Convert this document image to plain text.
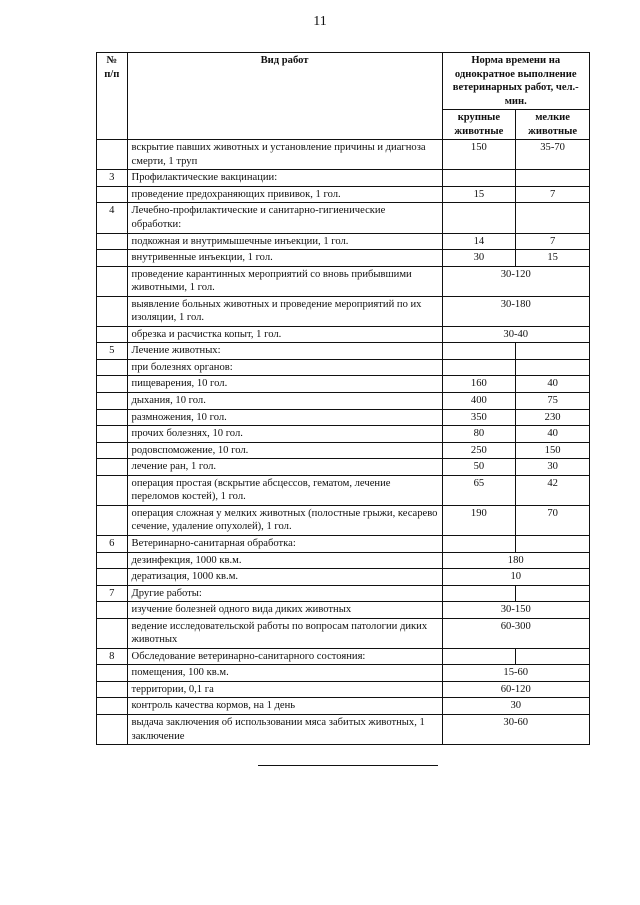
11
№ п/п	Вид работ	Норма времени на однократное выполнение ветеринарных работ, чел.-мин.	
		крупные животные	мелкие животные
	вскрытие павших животных и установление причины и диагноза смерти, 1 труп	150	35-70
3	Профилактические вакцинации:		
	проведение предохраняющих прививок, 1 гол.	15	7
4	Лечебно-профилактические и санитарно-гигиенические обработки:		
	подкожная и внутримышечные инъекции, 1 гол.	14	7
	внутривенные инъекции, 1 гол.	30	15
	проведение карантинных мероприятий со вновь прибывшими животными, 1 гол.	30-120	
	выявление больных животных и проведение мероприятий по их изоляции, 1 гол.	30-180	
	обрезка и расчистка копыт, 1 гол.	30-40	
5	Лечение животных:		
	при болезнях органов:		
	пищеварения, 10 гол.	160	40
	дыхания, 10 гол.	400	75
	размножения, 10 гол.	350	230
	прочих болезнях, 10 гол.	80	40
	родовспоможение, 10 гол.	250	150
	лечение ран, 1 гол.	50	30
	операция простая (вскрытие абсцессов, гематом, лечение переломов костей), 1 гол.	65	42
	операция сложная у мелких животных (полостные грыжи, кесарево сечение, удаление опухолей), 1 гол.	190	70
6	Ветеринарно-санитарная обработка:		
	дезинфекция, 1000 кв.м.	180	
	дератизация, 1000 кв.м.	10	
7	Другие работы:		
	изучение болезней одного вида диких животных	30-150	
	ведение исследовательской работы по вопросам патологии диких животных	60-300	
8	Обследование ветеринарно-санитарного состояния:		
	помещения, 100 кв.м.	15-60	
	территории, 0,1 га	60-120	
	контроль качества кормов, на 1 день	30	
	выдача заключения об использовании мяса забитых животных, 1 заключение	30-60	
